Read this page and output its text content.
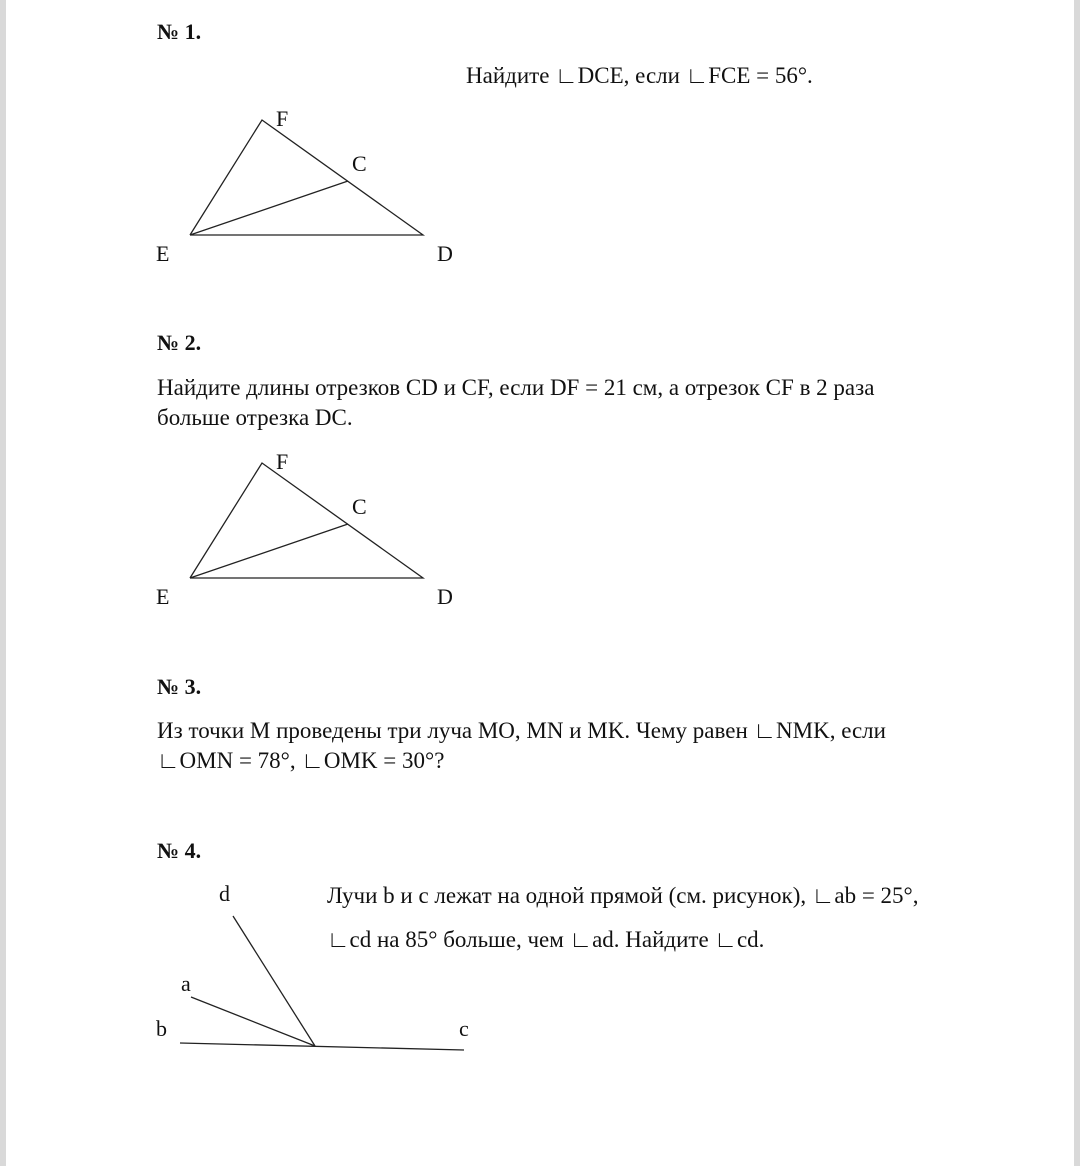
№ 1.
Найдите ∟DCE, если ∟FCE = 56°.
F
C
E	D
№ 2.
Найдите длины отрезков CD и CF, если DF = 21 см, а отрезок CF в 2 раза
больше отрезка DC.
F
C
E	D
№ 3.
Из точки M проведены три луча MO, MN и MK. Чему равен ∟NMK, если
∟OMN = 78°, ∟OMK = 30°?
№ 4.
Лучи b и с лежат на одной прямой (см. рисунок), ∟ab = 25°,
∟cd на 85° больше, чем ∟ad. Найдите ∟cd.
d
a
b	c
